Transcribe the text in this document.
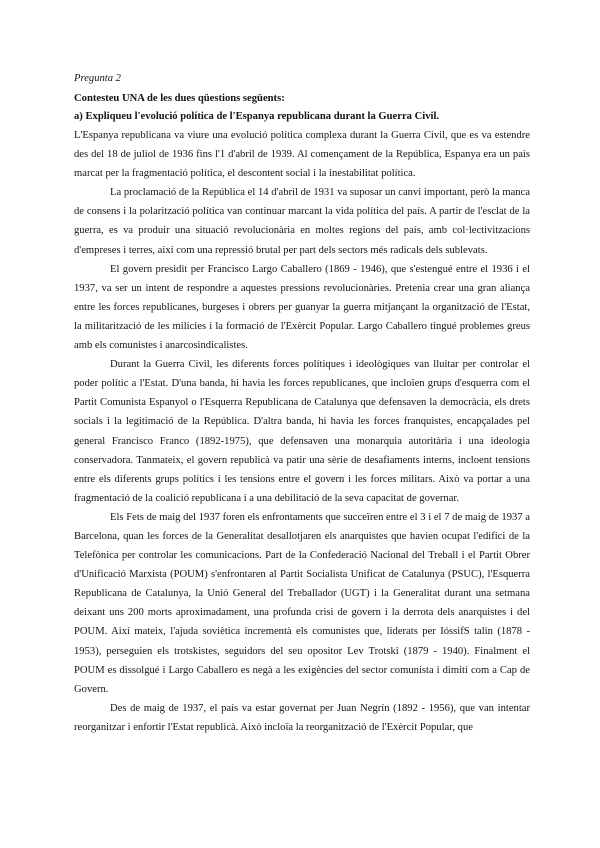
Pregunta 2

Contesteu UNA de les dues qüestions següents:

a) Expliqueu l'evolució política de l'Espanya republicana durant la Guerra Civil.

L'Espanya republicana va viure una evolució política complexa durant la Guerra Civil, que es va estendre des del 18 de juliol de 1936 fins l'1 d'abril de 1939. Al començament de la República, Espanya era un país marcat per la fragmentació política, el descontent social i la inestabilitat política.

La proclamació de la República el 14 d'abril de 1931 va suposar un canvi important, però la manca de consens i la polarització política van continuar marcant la vida política del país. A partir de l'esclat de la guerra, es va produir una situació revolucionària en moltes regions del país, amb col·lectivitzacions d'empreses i terres, així com una repressió brutal per part dels sectors més radicals dels sublevats.

El govern presidit per Francisco Largo Caballero (1869 - 1946), que s'estengué entre el 1936 i el 1937, va ser un intent de respondre a aquestes pressions revolucionàries. Pretenia crear una gran aliança entre les forces republicanes, burgeses i obrers per guanyar la guerra mitjançant la organització de l'Estat, la militarització de les milícies i la formació de l'Exèrcit Popular. Largo Caballero tingué problemes greus amb els comunistes i anarcosindicalistes.

Durant la Guerra Civil, les diferents forces polítiques i ideològiques van lluitar per controlar el poder polític a l'Estat. D'una banda, hi havia les forces republicanes, que incloïen grups d'esquerra com el Partit Comunista Espanyol o l'Esquerra Republicana de Catalunya que defensaven la democràcia, els drets socials i la legitimació de la República. D'altra banda, hi havia les forces franquistes, encapçalades pel general Francisco Franco (1892-1975), que defensaven una monarquia autoritària i una ideologia conservadora. Tanmateix, el govern republicà va patir una sèrie de desafiaments interns, incloent tensions entre els diferents grups polítics i les tensions entre el govern i les forces militars. Això va portar a una fragmentació de la coalició republicana i a una debilitació de la seva capacitat de governar.

Els Fets de maig del 1937 foren els enfrontaments que succeïren entre el 3 i el 7 de maig de 1937 a Barcelona, quan les forces de la Generalitat desallotjaren els anarquistes que havien ocupat l'edifici de la Telefònica per controlar les comunicacions. Part de la Confederació Nacional del Treball i el Partit Obrer d'Unificació Marxista (POUM) s'enfrontaren al Partit Socialista Unificat de Catalunya (PSUC), l'Esquerra Republicana de Catalunya, la Unió General del Treballador (UGT) i la Generalitat durant una setmana deixant uns 200 morts aproximadament, una profunda crisi de govern i la derrota dels anarquistes i del POUM. Així mateix, l'ajuda soviètica incrementà els comunistes que, liderats per IóssifS talin (1878 - 1953), perseguien els trotskistes, seguidors del seu opositor Lev Trotski (1879 - 1940). Finalment el POUM es dissolgué i Largo Caballero es negà a les exigències del sector comunista i dimití com a Cap de Govern.

Des de maig de 1937, el país va estar governat per Juan Negrín (1892 - 1956), que van intentar reorganitzar i enfortir l'Estat republicà. Això incloïa la reorganització de l'Exèrcit Popular, que
